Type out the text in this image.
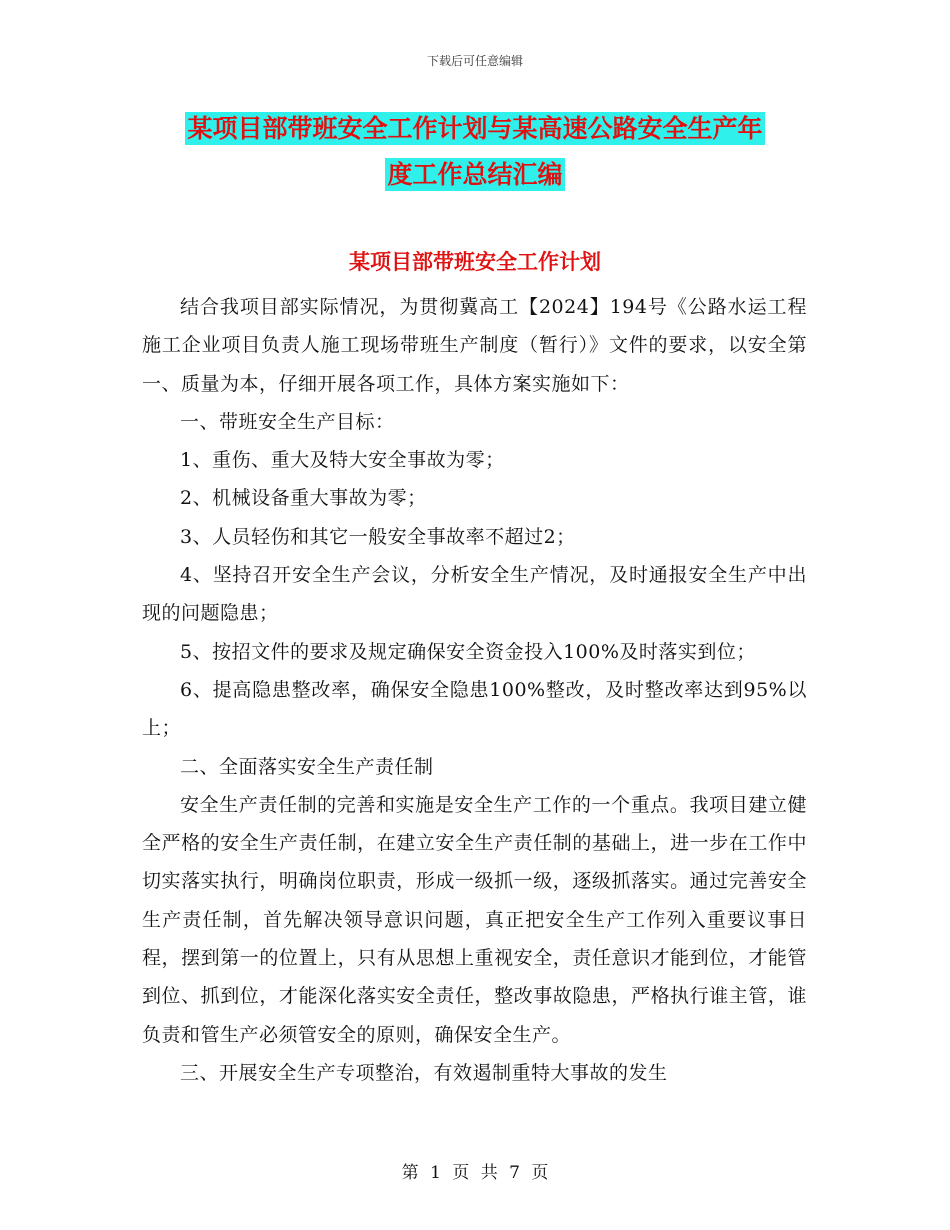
下载后可任意编辑
某项目部带班安全工作计划与某高速公路安全生产年
度工作总结汇编
某项目部带班安全工作计划

结合我项目部实际情况，为贯彻冀高工【2024】194号《公路水运工程施工企业项目负责人施工现场带班生产制度（暂行）》文件的要求，以安全第一、质量为本，仔细开展各项工作，具体方案实施如下：

一、带班安全生产目标：

1、重伤、重大及特大安全事故为零；

2、机械设备重大事故为零；

3、人员轻伤和其它一般安全事故率不超过2；

4、坚持召开安全生产会议，分析安全生产情况，及时通报安全生产中出现的问题隐患；

5、按招文件的要求及规定确保安全资金投入100%及时落实到位；

6、提高隐患整改率，确保安全隐患100%整改，及时整改率达到95%以上；

二、全面落实安全生产责任制

安全生产责任制的完善和实施是安全生产工作的一个重点。我项目建立健全严格的安全生产责任制，在建立安全生产责任制的基础上，进一步在工作中切实落实执行，明确岗位职责，形成一级抓一级，逐级抓落实。通过完善安全生产责任制，首先解决领导意识问题，真正把安全生产工作列入重要议事日程，摆到第一的位置上，只有从思想上重视安全，责任意识才能到位，才能管到位、抓到位，才能深化落实安全责任，整改事故隐患，严格执行谁主管，谁负责和管生产必须管安全的原则，确保安全生产。

三、开展安全生产专项整治，有效遏制重特大事故的发生

第 1 页 共 7 页
